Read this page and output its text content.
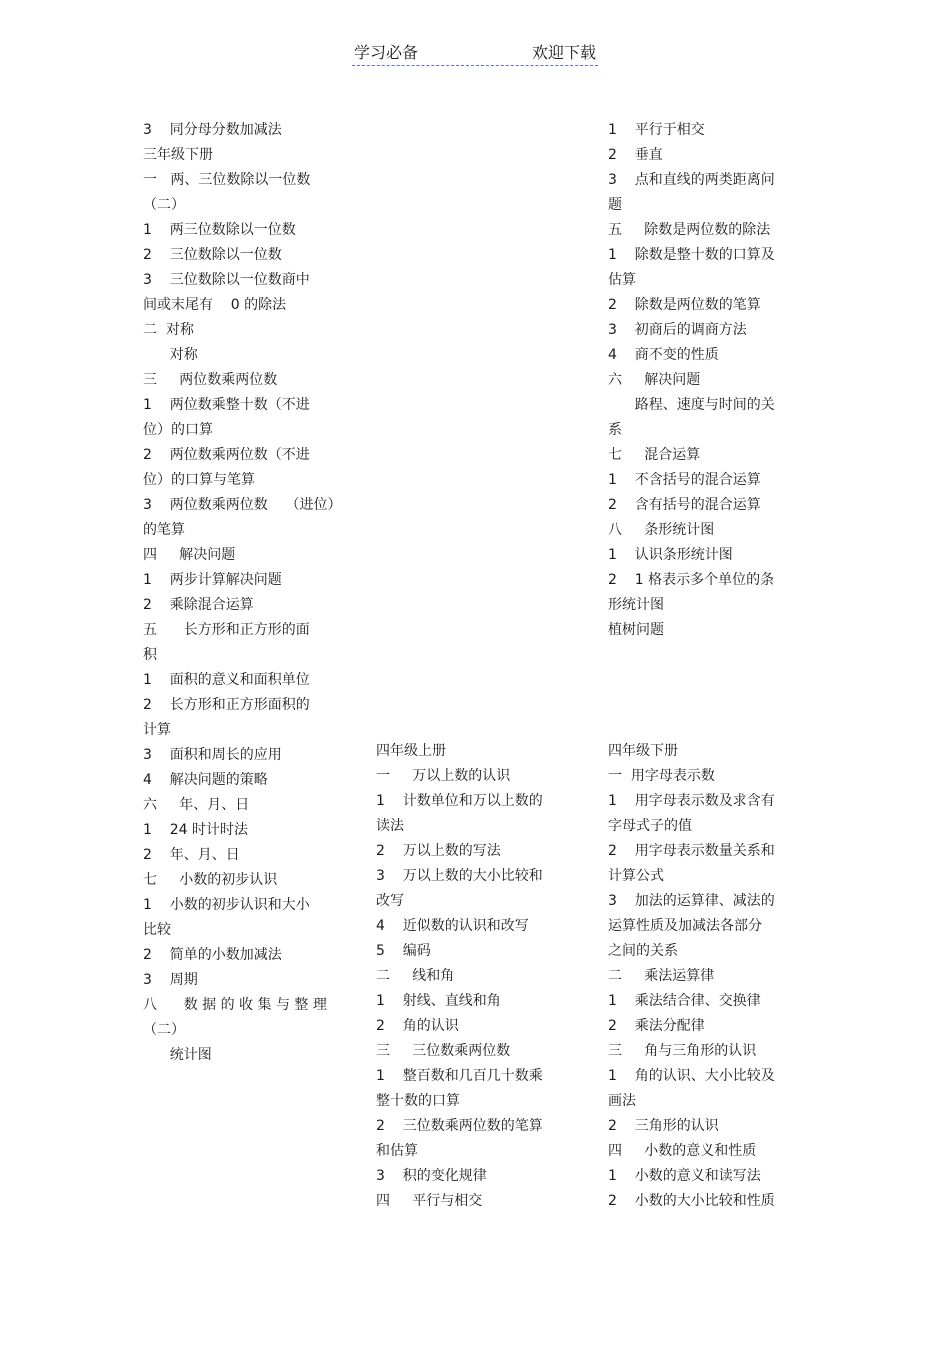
学习必备	欢迎下载
3    同分母分数加减法
三年级下册
一   两、三位数除以一位数
（二）
1    两三位数除以一位数
2    三位数除以一位数
3    三位数除以一位数商中
间或末尾有    0 的除法
二  对称
对称
三     两位数乘两位数
1    两位数乘整十数（不进
位）的口算
2    两位数乘两位数（不进
位）的口算与笔算
3    两位数乘两位数    （进位）
的笔算
四     解决问题
1    两步计算解决问题
2    乘除混合运算
五      长方形和正方形的面
积
1    面积的意义和面积单位
2    长方形和正方形面积的
计算
3    面积和周长的应用
4    解决问题的策略
六     年、月、日
1    24 时计时法
2    年、月、日
七     小数的初步认识
1    小数的初步认识和大小
比较
2    简单的小数加减法
3    周期
八      数 据 的 收 集 与 整 理
（二）
统计图
四年级上册
一     万以上数的认识
1    计数单位和万以上数的
读法
2    万以上数的写法
3    万以上数的大小比较和
改写
4    近似数的认识和改写
5    编码
二     线和角
1    射线、直线和角
2    角的认识
三     三位数乘两位数
1    整百数和几百几十数乘
整十数的口算
2    三位数乘两位数的笔算
和估算
3    积的变化规律
四     平行与相交
1    平行于相交
2    垂直
3    点和直线的两类距离问
题
五     除数是两位数的除法
1    除数是整十数的口算及
估算
2    除数是两位数的笔算
3    初商后的调商方法
4    商不变的性质
六     解决问题
路程、速度与时间的关
系
七     混合运算
1    不含括号的混合运算
2    含有括号的混合运算
八     条形统计图
1    认识条形统计图
2    1 格表示多个单位的条
形统计图
植树问题
四年级下册
一  用字母表示数
1    用字母表示数及求含有
字母式子的值
2    用字母表示数量关系和
计算公式
3    加法的运算律、减法的
运算性质及加减法各部分
之间的关系
二     乘法运算律
1    乘法结合律、交换律
2    乘法分配律
三     角与三角形的认识
1    角的认识、大小比较及
画法
2    三角形的认识
四     小数的意义和性质
1    小数的意义和读写法
2    小数的大小比较和性质
